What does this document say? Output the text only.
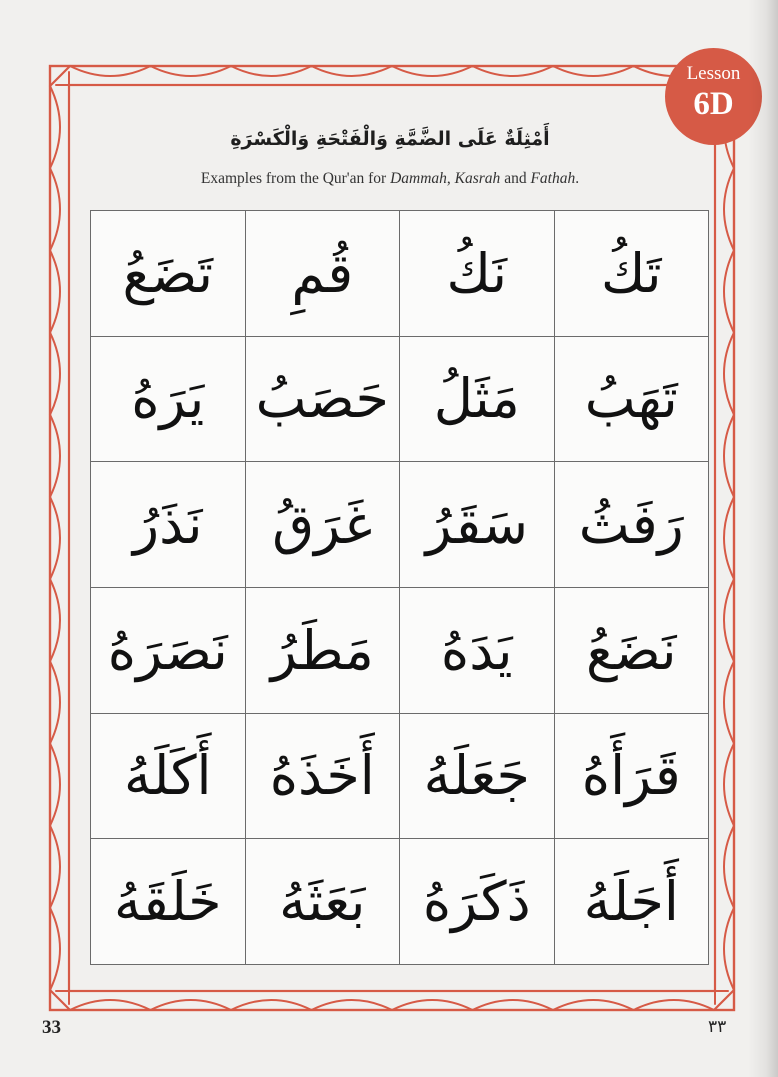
Lesson
6D
أَمْثِلَةٌ عَلَى الضَّمَّةِ وَالْفَتْحَةِ وَالْكَسْرَةِ
Examples from the Qur'an for Dammah, Kasrah and Fathah.
تَكُ
نَكُ
قُمِ
تَضَعُ
تَهَبُ
مَثَلُ
حَصَبُ
يَرَهُ
رَفَثُ
سَقَرُ
غَرَقُ
نَذَرُ
نَضَعُ
يَدَهُ
مَطَرُ
نَصَرَهُ
قَرَأَهُ
جَعَلَهُ
أَخَذَهُ
أَكَلَهُ
أَجَلَهُ
ذَكَرَهُ
بَعَثَهُ
خَلَقَهُ
33	٣٣
